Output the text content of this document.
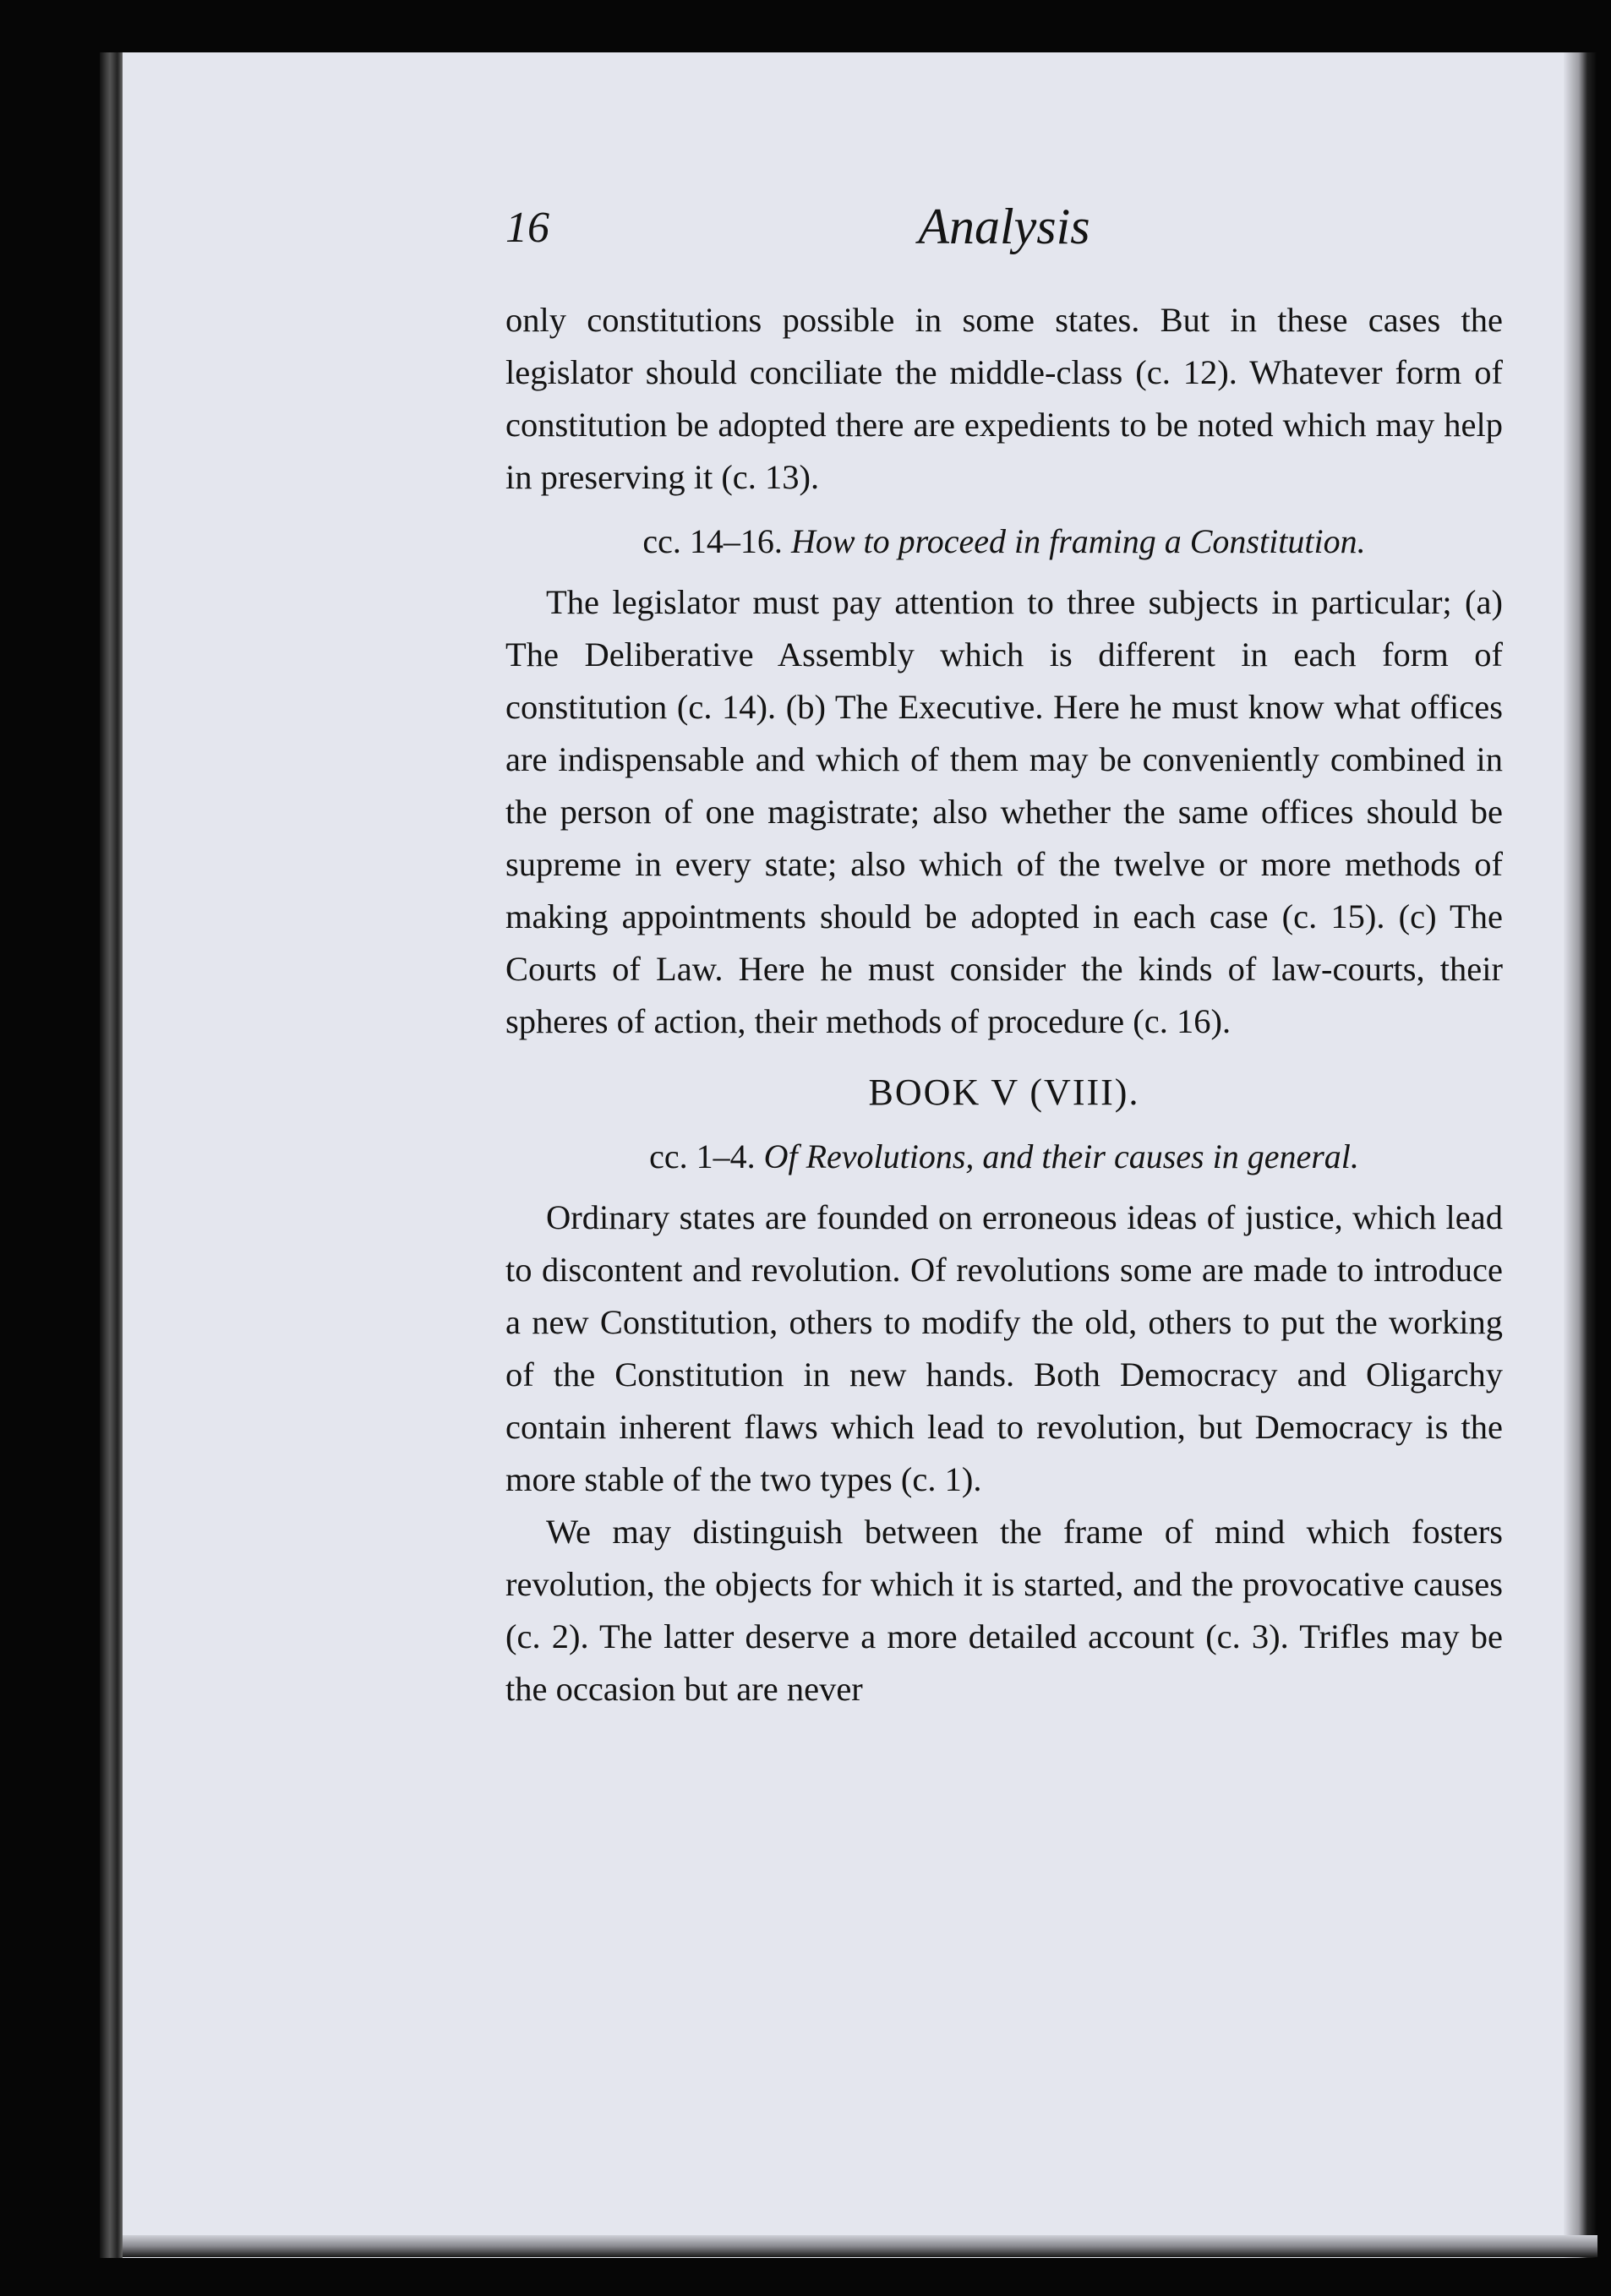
16	Analysis

only constitutions possible in some states. But in these cases the legislator should conciliate the middle-class (c. 12). Whatever form of constitution be adopted there are expedients to be noted which may help in preserving it (c. 13).

cc. 14–16. How to proceed in framing a Constitution.

The legislator must pay attention to three subjects in particular; (a) The Deliberative Assembly which is different in each form of constitution (c. 14). (b) The Executive. Here he must know what offices are indispensable and which of them may be conveniently combined in the person of one magistrate; also whether the same offices should be supreme in every state; also which of the twelve or more methods of making appointments should be adopted in each case (c. 15). (c) The Courts of Law. Here he must consider the kinds of law-courts, their spheres of action, their methods of procedure (c. 16).

BOOK V (VIII).
cc. 1–4. Of Revolutions, and their causes in general.

Ordinary states are founded on erroneous ideas of justice, which lead to discontent and revolution. Of revolutions some are made to introduce a new Constitution, others to modify the old, others to put the working of the Constitution in new hands. Both Democracy and Oligarchy contain inherent flaws which lead to revolution, but Democracy is the more stable of the two types (c. 1).

We may distinguish between the frame of mind which fosters revolution, the objects for which it is started, and the provocative causes (c. 2). The latter deserve a more detailed account (c. 3). Trifles may be the occasion but are never
